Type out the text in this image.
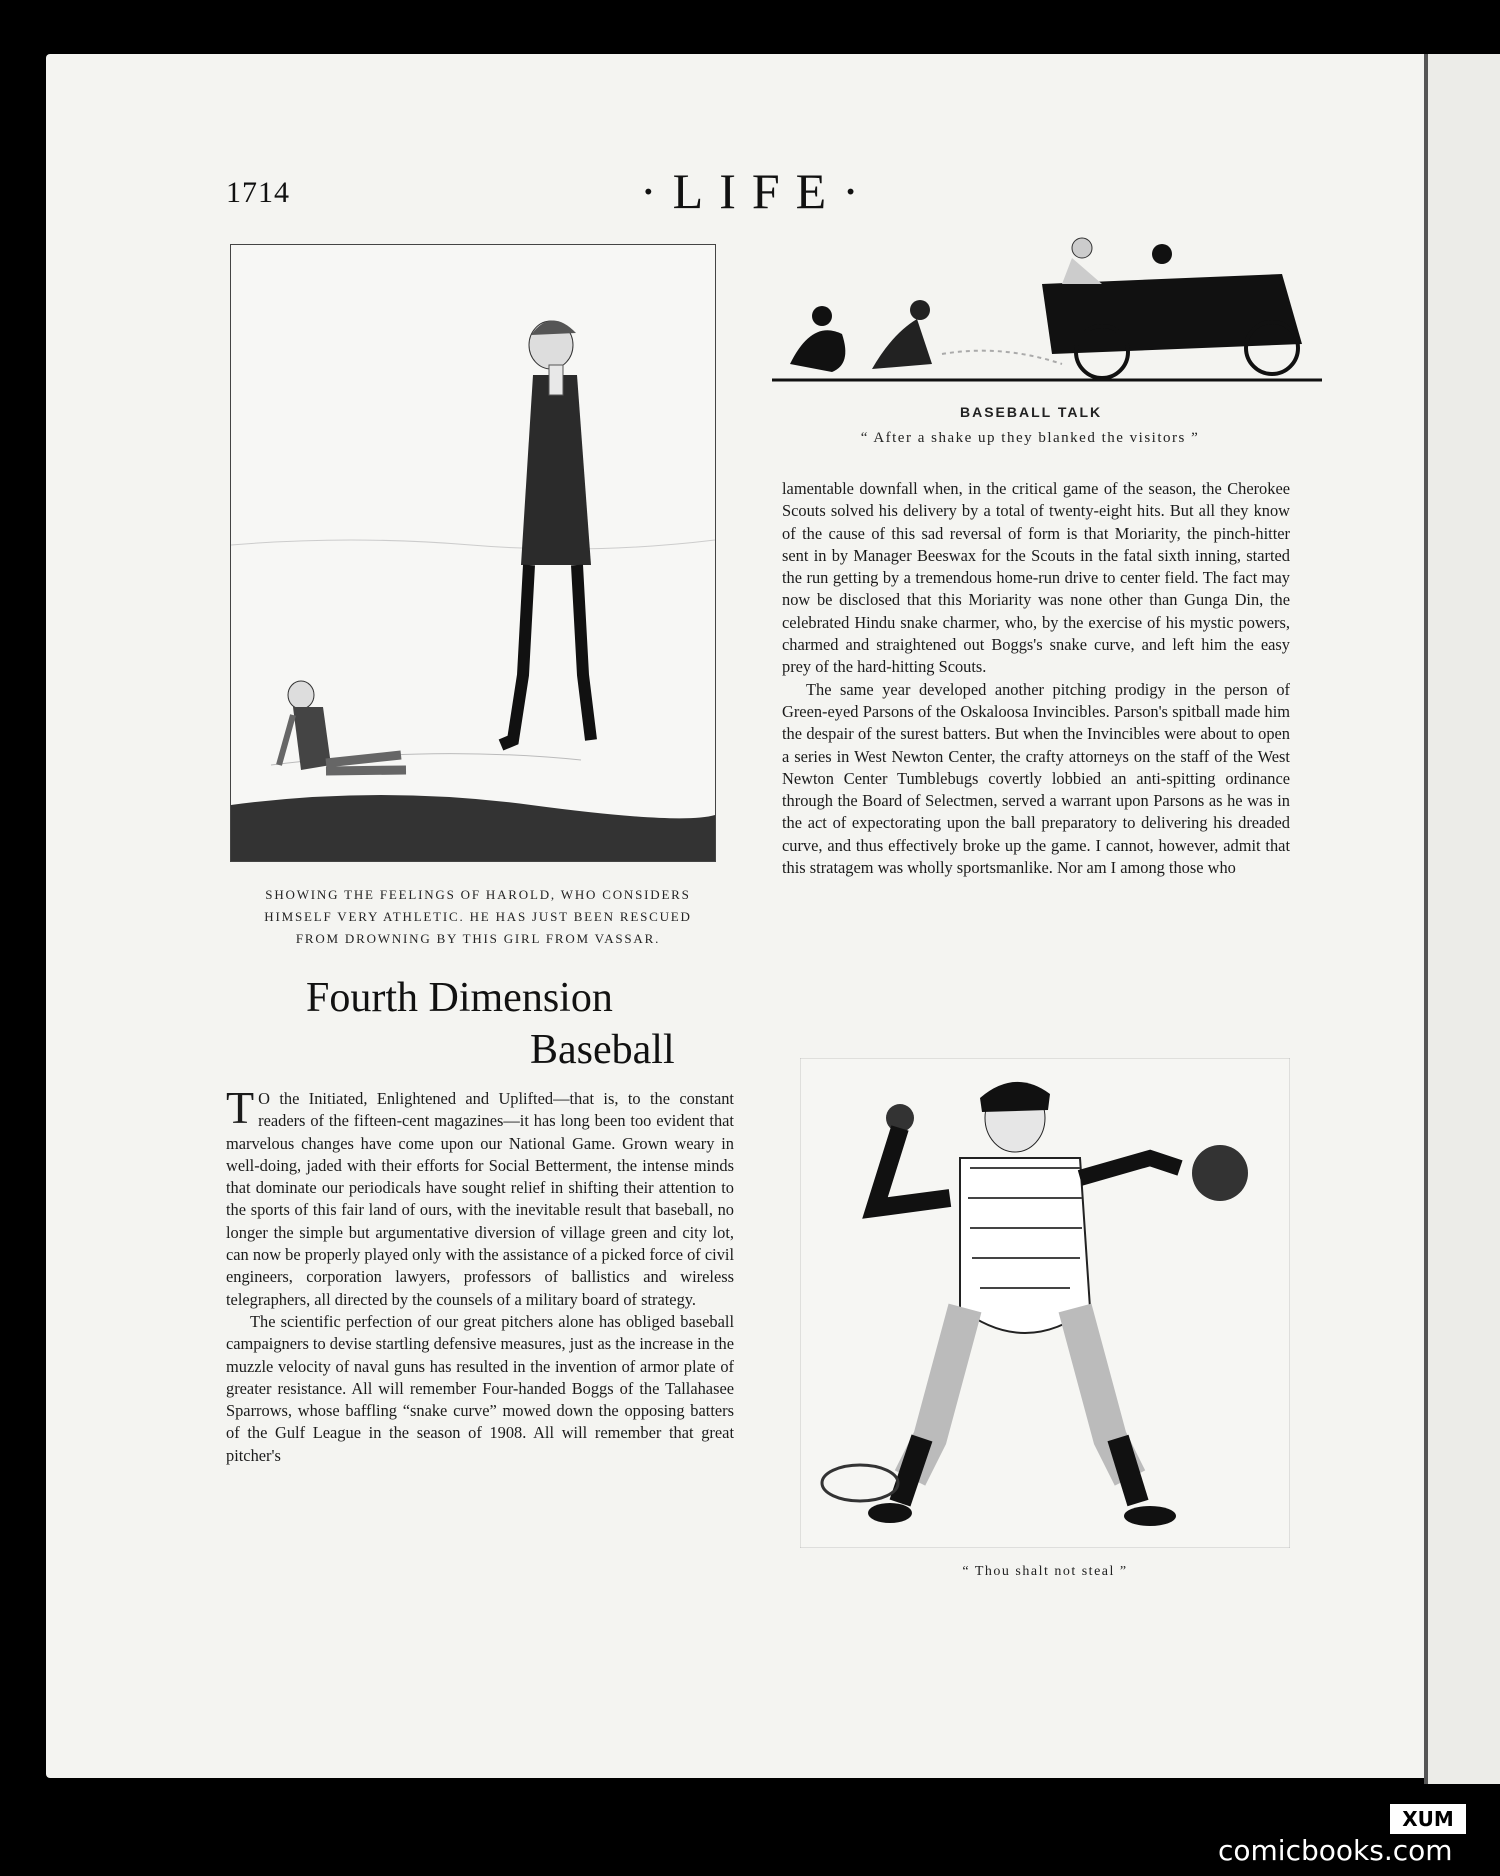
1714	·LIFE·
SHOWING THE FEELINGS OF HAROLD, WHO CONSIDERS HIMSELF VERY ATHLETIC. HE HAS JUST BEEN RESCUED FROM DROWNING BY THIS GIRL FROM VASSAR.
BASEBALL TALK
“ After a shake up they blanked the visitors ”
Fourth Dimension
Baseball

T O the Initiated, Enlightened and Uplifted—that is, to the constant readers of the fifteen-cent magazines—it has long been too evident that marvelous changes have come upon our National Game. Grown weary in well-doing, jaded with their efforts for Social Betterment, the intense minds that dominate our periodicals have sought relief in shifting their attention to the sports of this fair land of ours, with the inevitable result that baseball, no longer the simple but argumentative diversion of village green and city lot, can now be properly played only with the assistance of a picked force of civil engineers, corporation lawyers, professors of ballistics and wireless telegraphers, all directed by the counsels of a military board of strategy.

The scientific perfection of our great pitchers alone has obliged baseball campaigners to devise startling defensive measures, just as the increase in the muzzle velocity of naval guns has resulted in the invention of armor plate of greater resistance. All will remember Four-handed Boggs of the Tallahasee Sparrows, whose baffling “snake curve” mowed down the opposing batters of the Gulf League in the season of 1908. All will remember that great pitcher's

lamentable downfall when, in the critical game of the season, the Cherokee Scouts solved his delivery by a total of twenty-eight hits. But all they know of the cause of this sad reversal of form is that Moriarity, the pinch-hitter sent in by Manager Beeswax for the Scouts in the fatal sixth inning, started the run getting by a tremendous home-run drive to center field. The fact may now be disclosed that this Moriarity was none other than Gunga Din, the celebrated Hindu snake charmer, who, by the exercise of his mystic powers, charmed and straightened out Boggs's snake curve, and left him the easy prey of the hard-hitting Scouts.

The same year developed another pitching prodigy in the person of Green-eyed Parsons of the Oskaloosa Invincibles. Parson's spitball made him the despair of the surest batters. But when the Invincibles were about to open a series in West Newton Center, the crafty attorneys on the staff of the West Newton Center Tumblebugs covertly lobbied an anti-spitting ordinance through the Board of Selectmen, served a warrant upon Parsons as he was in the act of expectorating upon the ball preparatory to delivering his dreaded curve, and thus effectively broke up the game. I cannot, however, admit that this stratagem was wholly sportsmanlike. Nor am I among those who

“ Thou shalt not steal ”
XUM
comicbooks.com
